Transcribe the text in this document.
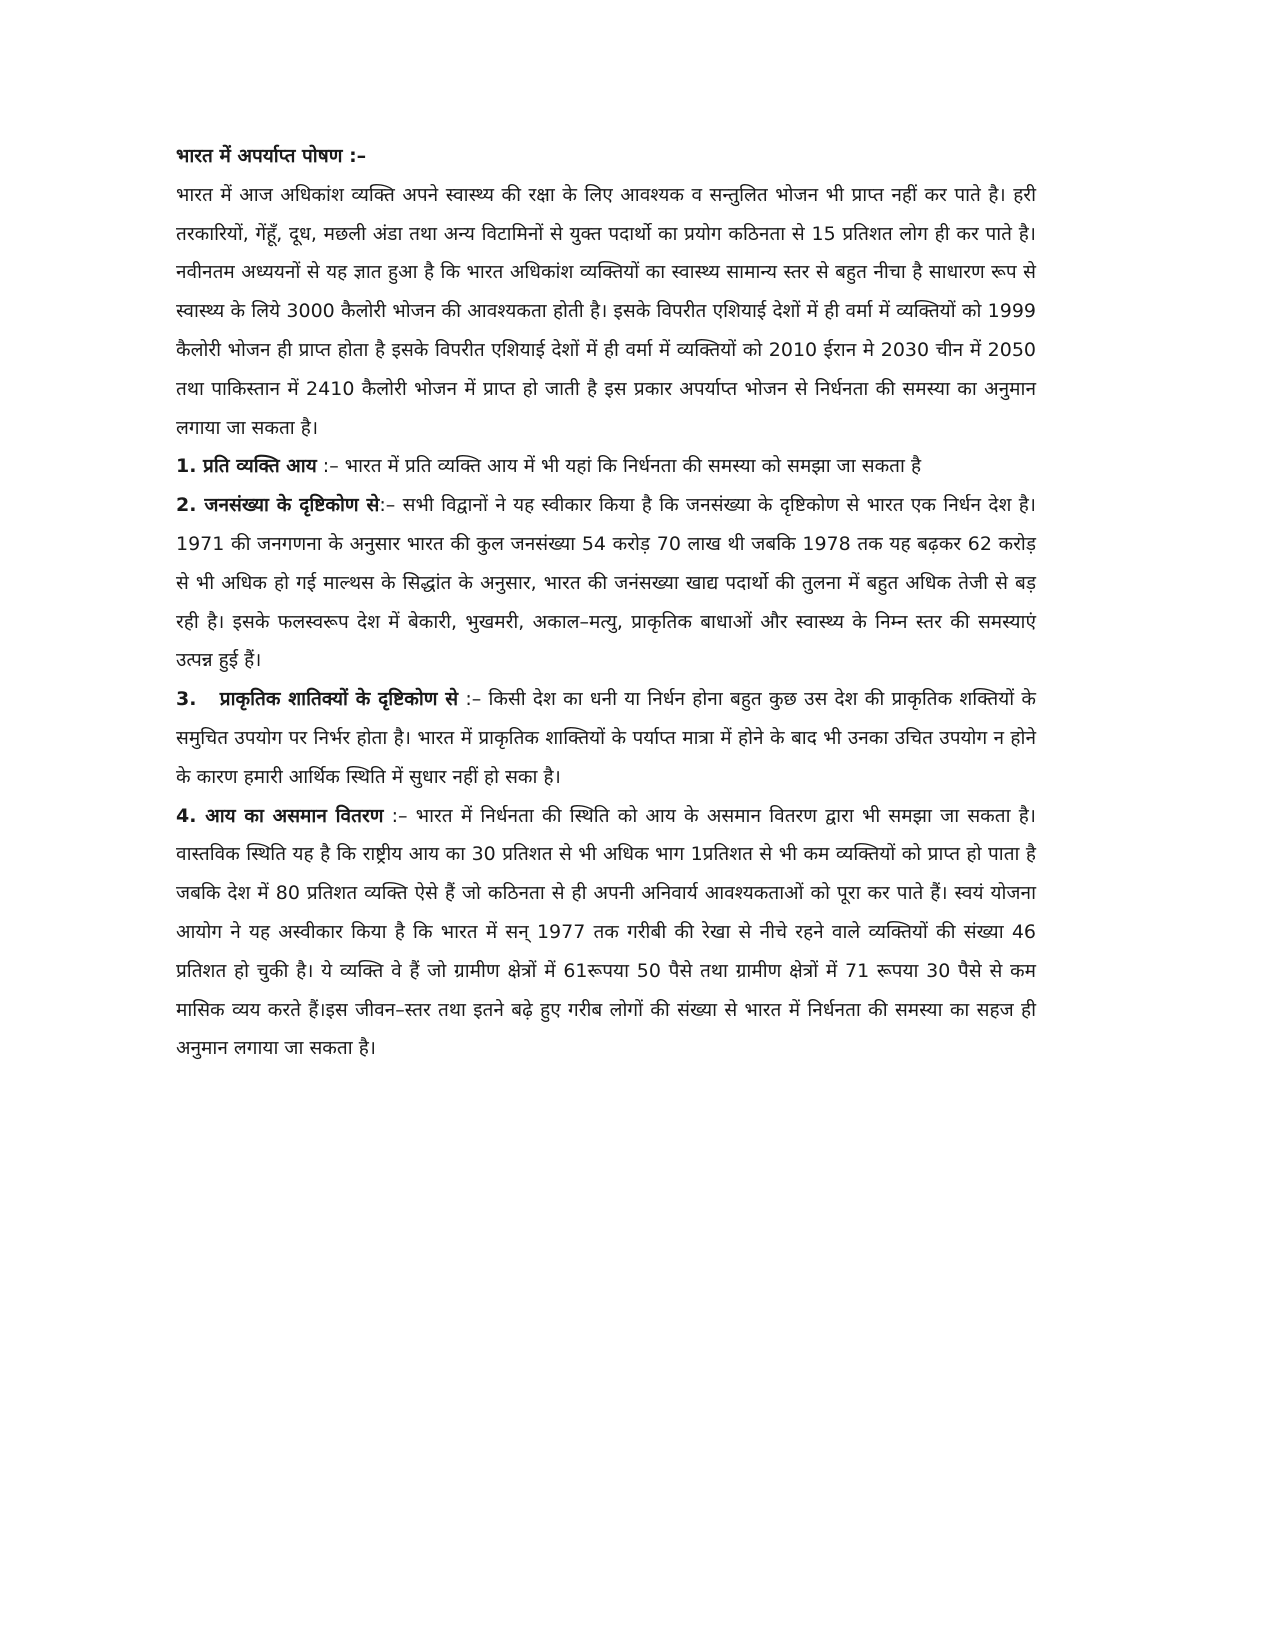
भारत में अपर्याप्त पोषण :–

भारत में आज अधिकांश व्यक्ति अपने स्वास्थ्य की रक्षा के लिए आवश्यक व सन्तुलित भोजन भी प्राप्त नहीं कर पाते है। हरी तरकारियों, गेंहूँ, दूध, मछली अंडा तथा अन्य विटामिनों से युक्त पदार्थो का प्रयोग कठिनता से 15 प्रतिशत लोग ही कर पाते है। नवीनतम अध्ययनों से यह ज्ञात हुआ है कि भारत अधिकांश व्यक्तियों का स्वास्थ्य सामान्य स्तर से बहुत नीचा है साधारण रूप से स्वास्थ्य के लिये 3000 कैलोरी भोजन की आवश्यकता होती है। इसके विपरीत एशियाई देशों में ही वर्मा में व्यक्तियों को 1999 कैलोरी भोजन ही प्राप्त होता है इसके विपरीत एशियाई देशों में ही वर्मा में व्यक्तियों को 2010 ईरान मे 2030 चीन में 2050 तथा पाकिस्तान में 2410 कैलोरी भोजन में प्राप्त हो जाती है इस प्रकार अपर्याप्त भोजन से निर्धनता की समस्या का अनुमान लगाया जा सकता है।

1. प्रति व्यक्ति आय :– भारत में प्रति व्यक्ति आय में भी यहां कि निर्धनता की समस्या को समझा जा सकता है

2. जनसंख्या के दृष्टिकोण से:– सभी विद्वानों ने यह स्वीकार किया है कि जनसंख्या के दृष्टिकोण से भारत एक निर्धन देश है। 1971 की जनगणना के अनुसार भारत की कुल जनसंख्या 54 करोड़ 70 लाख थी जबकि 1978 तक यह बढ़कर 62 करोड़ से भी अधिक हो गई माल्थस के सिद्धांत के अनुसार, भारत की जनंसख्या खाद्य पदार्थो की तुलना में बहुत अधिक तेजी से बड़ रही है। इसके फलस्वरूप देश में बेकारी, भुखमरी, अकाल–मत्यु, प्राकृतिक बाधाओं और स्वास्थ्य के निम्न स्तर की समस्याएं उत्पन्न हुई हैं।

3.   प्राकृतिक शातिक्यों के दृष्टिकोण से :– किसी देश का धनी या निर्धन होना बहुत कुछ उस देश की प्राकृतिक शक्तियों के समुचित उपयोग पर निर्भर होता है। भारत में प्राकृतिक शाक्तियों के पर्याप्त मात्रा में होने के बाद भी उनका उचित उपयोग न होने के कारण हमारी आर्थिक स्थिति में सुधार नहीं हो सका है।

4. आय का असमान वितरण :– भारत में निर्धनता की स्थिति को आय के असमान वितरण द्वारा भी समझा जा सकता है। वास्तविक स्थिति यह है कि राष्ट्रीय आय का 30 प्रतिशत से भी अधिक भाग 1प्रतिशत से भी कम व्यक्तियों को प्राप्त हो पाता है जबकि देश में 80 प्रतिशत व्यक्ति ऐसे हैं जो कठिनता से ही अपनी अनिवार्य आवश्यकताओं को पूरा कर पाते हैं। स्वयं योजना आयोग ने यह अस्वीकार किया है कि भारत में सन् 1977 तक गरीबी की रेखा से नीचे रहने वाले व्यक्तियों की संख्या 46 प्रतिशत हो चुकी है। ये व्यक्ति वे हैं जो ग्रामीण क्षेत्रों में 61रूपया 50 पैसे तथा ग्रामीण क्षेत्रों में 71 रूपया 30 पैसे से कम मासिक व्यय करते हैं।इस जीवन–स्तर तथा इतने बढ़े हुए गरीब लोगों की संख्या से भारत में निर्धनता की समस्या का सहज ही अनुमान लगाया जा सकता है।
